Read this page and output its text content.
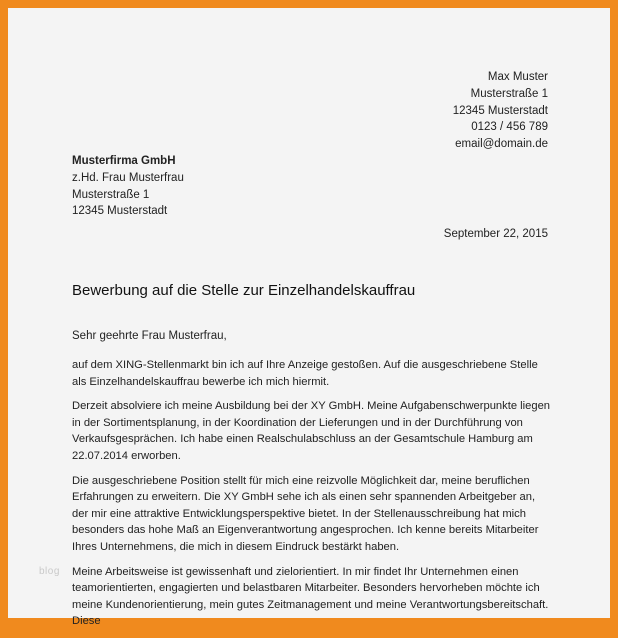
Max Muster
Musterstraße 1
12345 Musterstadt
0123 / 456 789
email@domain.de
Musterfirma GmbH
z.Hd. Frau Musterfrau
Musterstraße 1
12345 Musterstadt
September 22, 2015
Bewerbung auf die Stelle zur Einzelhandelskauffrau
Sehr geehrte Frau Musterfrau,

auf dem XING-Stellenmarkt bin ich auf Ihre Anzeige gestoßen. Auf die ausgeschriebene Stelle als Einzelhandelskauffrau bewerbe ich mich hiermit.

Derzeit absolviere ich meine Ausbildung bei der XY GmbH. Meine Aufgabenschwerpunkte liegen in der Sortimentsplanung, in der Koordination der Lieferungen und in der Durchführung von Verkaufsgesprächen. Ich habe einen Realschulabschluss an der Gesamtschule Hamburg am 22.07.2014 erworben.

Die ausgeschriebene Position stellt für mich eine reizvolle Möglichkeit dar, meine beruflichen Erfahrungen zu erweitern. Die XY GmbH sehe ich als einen sehr spannenden Arbeitgeber an, der mir eine attraktive Entwicklungsperspektive bietet. In der Stellenausschreibung hat mich besonders das hohe Maß an Eigenverantwortung angesprochen. Ich kenne bereits Mitarbeiter Ihres Unternehmens, die mich in diesem Eindruck bestärkt haben.

Meine Arbeitsweise ist gewissenhaft und zielorientiert. In mir findet Ihr Unternehmen einen teamorientierten, engagierten und belastbaren Mitarbeiter. Besonders hervorheben möchte ich meine Kundenorientierung, mein gutes Zeitmanagement und meine Verantwortungsbereitschaft. Diese

blog
